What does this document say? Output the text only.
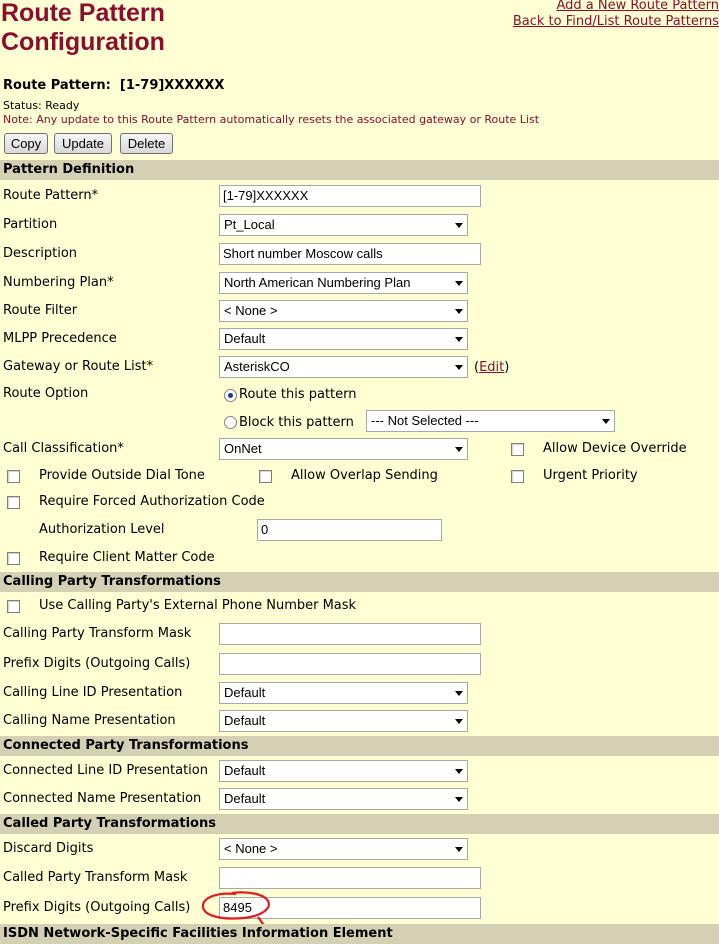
Route Pattern
Configuration
Add a New Route Pattern
Back to Find/List Route Patterns
Route Pattern: [1-79]XXXXXX
Status: Ready
Note: Any update to this Route Pattern automatically resets the associated gateway or Route List
Copy	Update	Delete
Pattern Definition
Route Pattern*	[1-79]XXXXXX
Partition	Pt_Local
Description	Short number Moscow calls
Numbering Plan*	North American Numbering Plan
Route Filter	< None >
MLPP Precedence	Default
Gateway or Route List*	AsteriskCO	(Edit)
Route Option	Route this pattern
Block this pattern	--- Not Selected ---
Call Classification*	OnNet	Allow Device Override
Provide Outside Dial Tone	Allow Overlap Sending	Urgent Priority
Require Forced Authorization Code
Authorization Level	0
Require Client Matter Code
Calling Party Transformations
Use Calling Party's External Phone Number Mask
Calling Party Transform Mask
Prefix Digits (Outgoing Calls)
Calling Line ID Presentation	Default
Calling Name Presentation	Default
Connected Party Transformations
Connected Line ID Presentation	Default
Connected Name Presentation	Default
Called Party Transformations
Discard Digits	< None >
Called Party Transform Mask
Prefix Digits (Outgoing Calls)	8495
ISDN Network-Specific Facilities Information Element
